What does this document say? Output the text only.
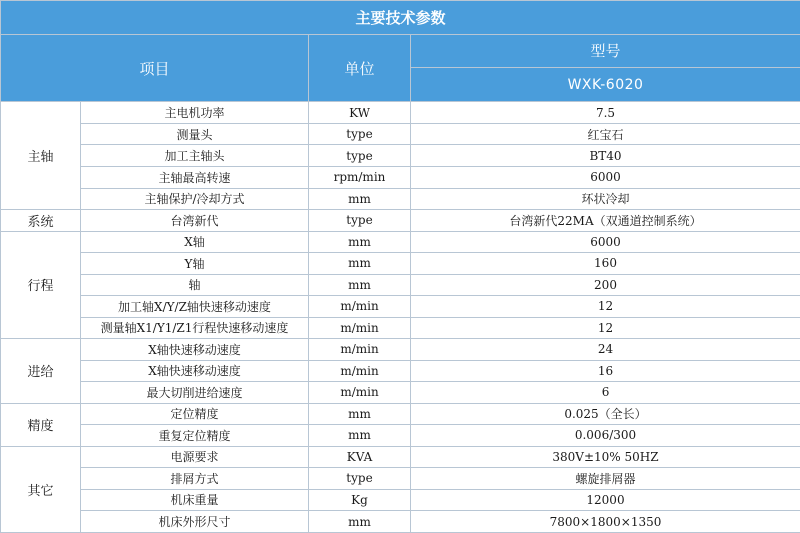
主要技术参数			
项目		单位	型号
			WXK-6020
主轴	主电机功率	KW	7.5
	测量头	type	红宝石
	加工主轴头	type	BT40
	主轴最高转速	rpm/min	6000
	主轴保护/冷却方式	mm	环状冷却
系统	台湾新代	type	台湾新代22MA（双通道控制系统）
行程	X轴	mm	6000
	Y轴	mm	160
	轴	mm	200
	加工轴X/Y/Z轴快速移动速度	m/min	12
	测量轴X1/Y1/Z1行程快速移动速度	m/min	12
进给	X轴快速移动速度	m/min	24
	X轴快速移动速度	m/min	16
	最大切削进给速度	m/min	6
精度	定位精度	mm	0.025（全长）
	重复定位精度	mm	0.006/300
其它	电源要求	KVA	380V±10% 50HZ
	排屑方式	type	螺旋排屑器
	机床重量	Kg	12000
	机床外形尺寸	mm	7800×1800×1350
